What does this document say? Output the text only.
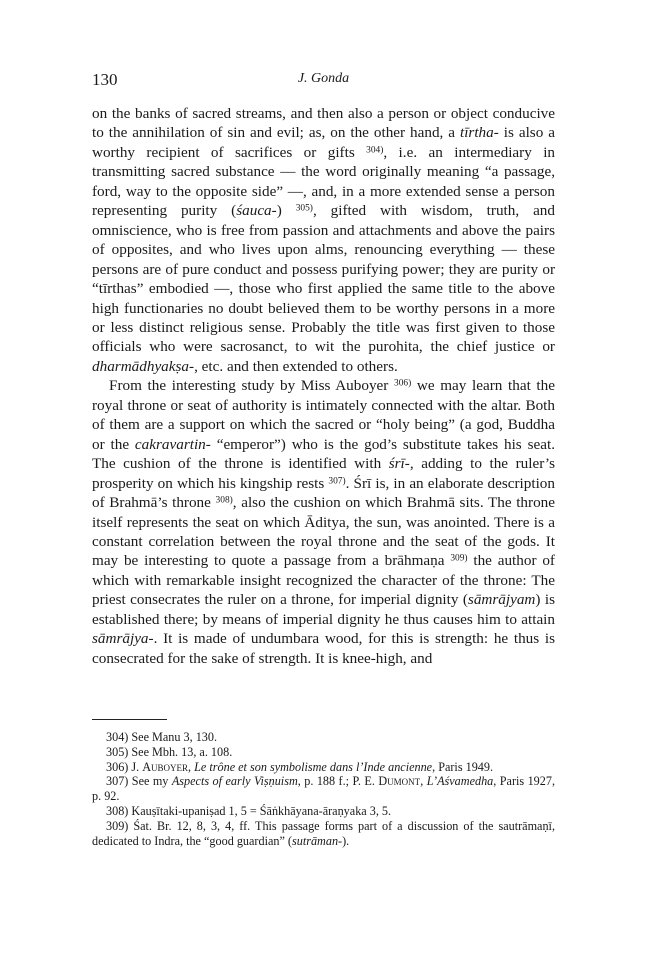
130	J. Gonda

on the banks of sacred streams, and then also a person or object conducive to the annihilation of sin and evil; as, on the other hand, a tīrtha- is also a worthy recipient of sacrifices or gifts $^{304)}$, i.e. an intermediary in transmitting sacred substance — the word originally meaning “a passage, ford, way to the opposite side” —, and, in a more extended sense a person representing purity (śauca-) $^{305)}$, gifted with wisdom, truth, and omniscience, who is free from passion and attachments and above the pairs of opposites, and who lives upon alms, renouncing everything — these persons are of pure conduct and possess purifying power; they are purity or “tīrthas” embodied —, those who first applied the same title to the above high functionaries no doubt believed them to be worthy persons in a more or less distinct religious sense. Probably the title was first given to those officials who were sacrosanct, to wit the purohita, the chief justice or dharmādhyakṣa-, etc. and then extended to others.

From the interesting study by Miss Auboyer $^{306)}$ we may learn that the royal throne or seat of authority is intimately connected with the altar. Both of them are a support on which the sacred or “holy being” (a god, Buddha or the cakravartin- “emperor”) who is the god’s substitute takes his seat. The cushion of the throne is identified with śrī-, adding to the ruler’s prosperity on which his kingship rests $^{307)}$. Śrī is, in an elaborate description of Brahmā’s throne $^{308)}$, also the cushion on which Brahmā sits. The throne itself represents the seat on which Āditya, the sun, was anointed. There is a constant correlation between the royal throne and the seat of the gods. It may be interesting to quote a passage from a brāhmaṇa $^{309)}$ the author of which with remarkable insight recognized the character of the throne: The priest consecrates the ruler on a throne, for imperial dignity (sāmrājyam) is established there; by means of imperial dignity he thus causes him to attain sāmrājya-. It is made of undumbara wood, for this is strength: he thus is consecrated for the sake of strength. It is knee-high, and

304) See Manu 3, 130.

305) See Mbh. 13, a. 108.

306) J. Auboyer, Le trône et son symbolisme dans l’Inde ancienne, Paris 1949.

307) See my Aspects of early Viṣṇuism, p. 188 f.; P. E. Dumont, L’Aśvamedha, Paris 1927, p. 92.

308) Kauṣītaki-upaniṣad 1, 5 = Śāṅkhāyana-āraṇyaka 3, 5.

309) Śat. Br. 12, 8, 3, 4, ff. This passage forms part of a discussion of the sautrāmaṇī, dedicated to Indra, the “good guardian” (sutrāman-).
